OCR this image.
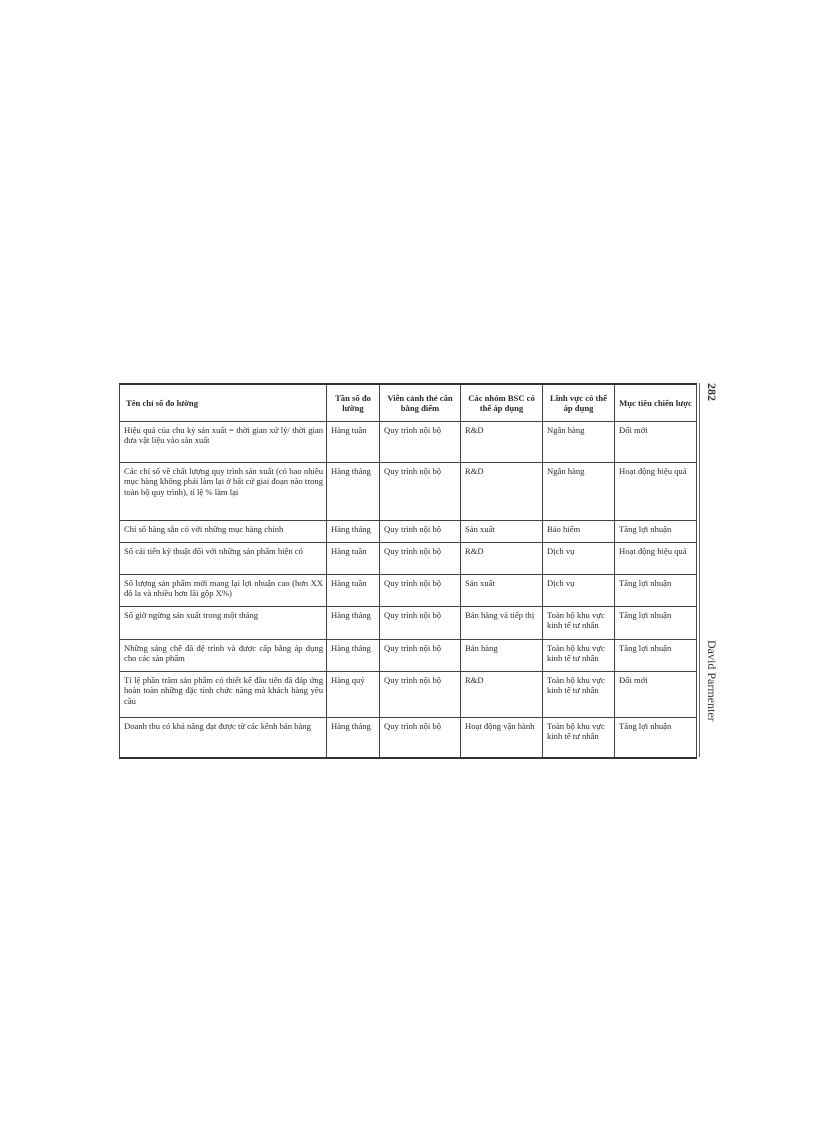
282
David Parmenter
Tên chỉ số đo lường	Tần số đo lường	Viễn cảnh thẻ cân bằng điểm	Các nhóm BSC có thể áp dụng	Lĩnh vực có thể áp dụng	Mục tiêu chiến lược
Hiệu quả của chu kỳ sản xuất = thời gian xử lý/ thời gian đưa vật liệu vào sản xuất	Hàng tuần	Quy trình nội bộ	R&D	Ngân hàng	Đổi mới
Các chỉ số về chất lượng quy trình sản xuất (có bao nhiêu mục hàng không phải làm lại ở bất cứ giai đoạn nào trong toàn bộ quy trình), tỉ lệ % làm lại	Hàng tháng	Quy trình nội bộ	R&D	Ngân hàng	Hoạt động hiệu quả
Chỉ số hàng sẵn có với những mục hàng chính	Hàng tháng	Quy trình nội bộ	Sản xuất	Bảo hiểm	Tăng lợi nhuận
Số cải tiến kỹ thuật đối với những sản phẩm hiện có	Hàng tuần	Quy trình nội bộ	R&D	Dịch vụ	Hoạt động hiệu quả
Số lượng sản phẩm mới mang lại lợi nhuận cao (hơn XX đô la và nhiều hơn lãi gộp X%)	Hàng tuần	Quy trình nội bộ	Sản xuất	Dịch vụ	Tăng lợi nhuận
Số giờ ngừng sản xuất trong một tháng	Hàng tháng	Quy trình nội bộ	Bán hàng và tiếp thị	Toàn bộ khu vực kinh tế tư nhân	Tăng lợi nhuận
Những sáng chế đã đệ trình và được cấp bằng áp dụng cho các sản phẩm	Hàng tháng	Quy trình nội bộ	Bán hàng	Toàn bộ khu vực kinh tế tư nhân	Tăng lợi nhuận
Tỉ lệ phần trăm sản phẩm có thiết kế đầu tiên đã đáp ứng hoàn toàn những đặc tính chức năng mà khách hàng yêu cầu	Hàng quý	Quy trình nội bộ	R&D	Toàn bộ khu vực kinh tế tư nhân	Đổi mới
Doanh thu có khả năng đạt được từ các kênh bán hàng	Hàng tháng	Quy trình nội bộ	Hoạt động vận hành	Toàn bộ khu vực kinh tế tư nhân	Tăng lợi nhuận
